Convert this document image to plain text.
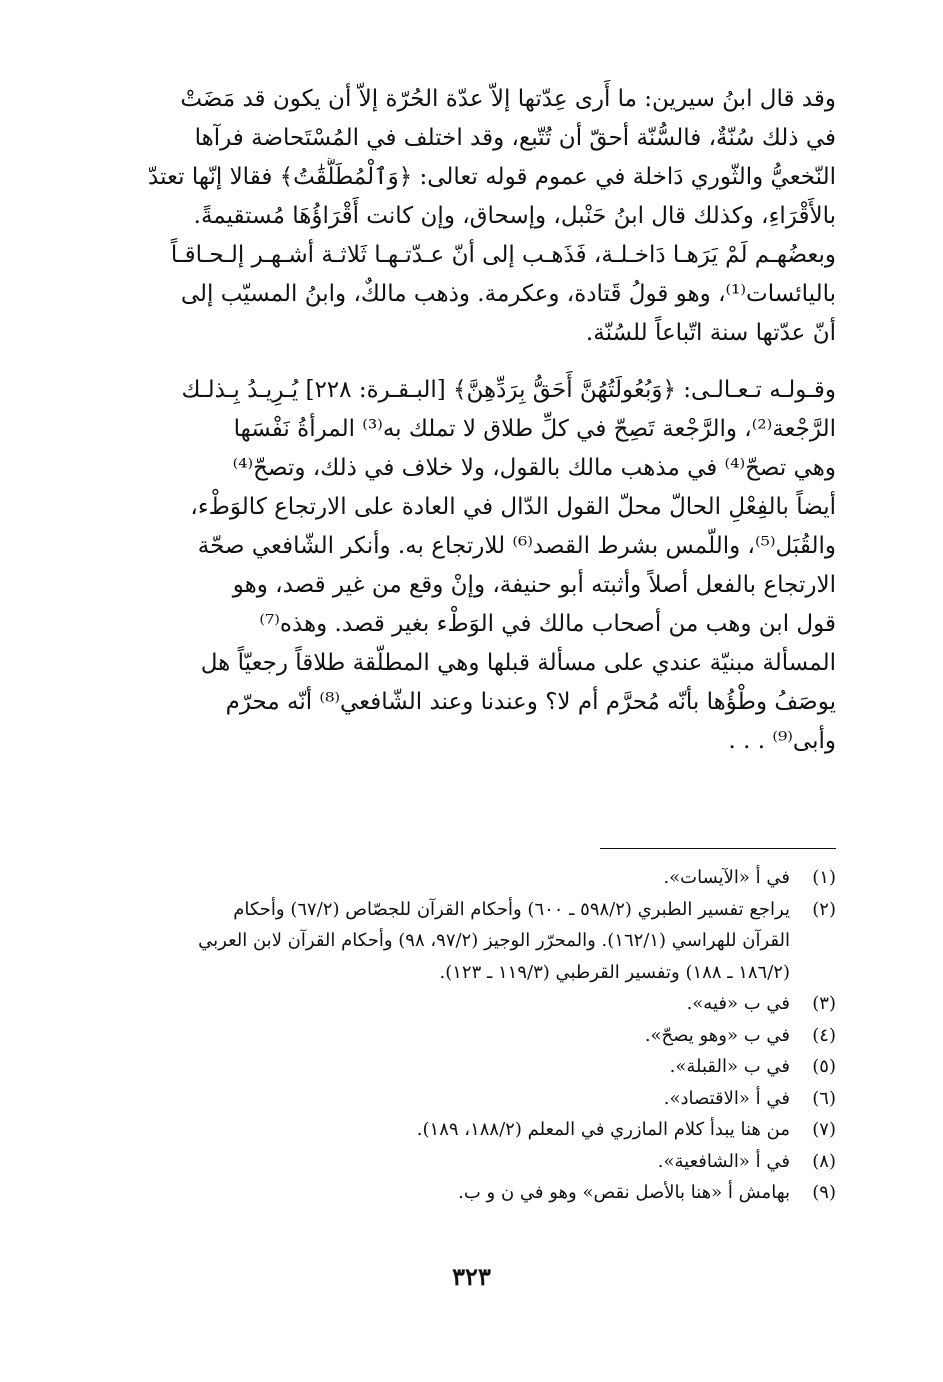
وقد قال ابنُ سيرين: ما أَرى عِدّتها إلاّ عدّة الحُرّة إلاّ أن يكون قد مَضَتْ
في ذلك سُنّةٌ، فالسُّنّة أحقّ أن تُتّبع، وقد اختلف في المُسْتَحاضة فرآها
النّخعيُّ والثّوري دَاخلة في عموم قوله تعالى: ﴿وَٱلْمُطَلَّقَٰتُ﴾ فقالا إنّها تعتدّ
بالأَقْرَاءِ، وكذلك قال ابنُ حَنْبل، وإسحاق، وإن كانت أَقْرَاؤُهَا مُستقيمةً.
وبعضُهـم لَمْ يَرَهـا دَاخـلـة، فَذَهـب إلى أنّ عـدّتـهـا ثَلاثـة أشـهـر إلـحـاقـاً
باليائسات⁽¹⁾، وهو قولُ قَتادة، وعكرمة. وذهب مالكٌ، وابنُ المسيّب إلى
أنّ عدّتها سنة اتّباعاً للسُنّة.

وقـولـه تـعـالـى: ﴿وَبُعُولَتُهُنَّ أَحَقُّ بِرَدِّهِنَّ﴾ [البـقـرة: ٢٢٨] يُـرِيـدُ بِـذلـك
الرَّجْعة⁽²⁾، والرَّجْعة تَصِحّ في كلِّ طلاق لا تملك به⁽³⁾ المرأةُ نَفْسَها
وهي تصحّ⁽⁴⁾ في مذهب مالك بالقول، ولا خلاف في ذلك، وتصحّ⁽⁴⁾
أيضاً بالفِعْلِ الحالّ محلّ القول الدّال في العادة على الارتجاع كالوَطْء،
والقُبَل⁽⁵⁾، واللّمس بشرط القصد⁽⁶⁾ للارتجاع به. وأنكر الشّافعي صحّة
الارتجاع بالفعل أصلاً وأثبته أبو حنيفة، وإنْ وقع من غير قصد، وهو
قول ابن وهب من أصحاب مالك في الوَطْء بغير قصد. وهذه⁽⁷⁾
المسألة مبنيّة عندي على مسألة قبلها وهي المطلّقة طلاقاً رجعيّاً هل
يوصَفُ وطْؤُها بأنّه مُحرَّم أم لا؟ وعندنا وعند الشّافعي⁽⁸⁾ أنّه محرّم
وأبى⁽⁹⁾ . . .

(١)
في أ «الآيسات».
(٢)
يراجع تفسير الطبري (٥٩٨/٢ ـ ٦٠٠) وأحكام القرآن للجصّاص (٦٧/٢) وأحكام
القرآن للهراسي (١٦٢/١). والمحرّر الوجيز (٩٧/٢، ٩٨) وأحكام القرآن لابن العربي
(١٨٦/٢ ـ ١٨٨) وتفسير القرطبي (١١٩/٣ ـ ١٢٣).
(٣)
في ب «فيه».
(٤)
في ب «وهو يصحّ».
(٥)
في ب «القبلة».
(٦)
في أ «الاقتصاد».
(٧)
من هنا يبدأ كلام المازري في المعلم (١٨٨/٢، ١٨٩).
(٨)
في أ «الشافعية».
(٩)
بهامش أ «هنا بالأصل نقص» وهو في ن و ب.
٣٢٣
